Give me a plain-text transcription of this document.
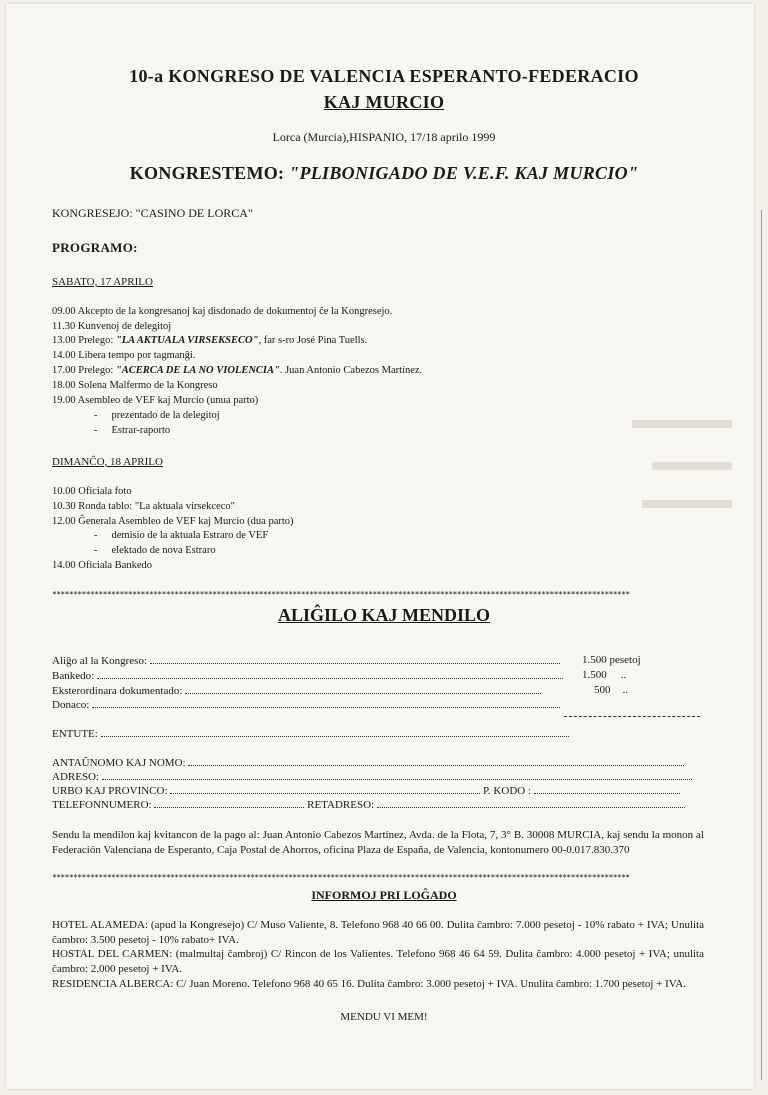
10-a KONGRESO DE VALENCIA ESPERANTO-FEDERACIO
KAJ MURCIO
Lorca (Murcia),HISPANIO, 17/18 aprilo 1999
KONGRESTEMO: "PLIBONIGADO DE V.E.F. KAJ MURCIO"
KONGRESEJO: "CASINO DE LORCA"
PROGRAMO:
SABATO, 17 APRILO
09.00 Akcepto de la kongresanoj kaj disdonado de dokumentoj ĉe la Kongresejo.
11.30 Kunvenoj de delegitoj
13.00 Prelego: "LA AKTUALA VIRSEKSECO", far s-ro José Pina Tuells.
14.00 Libera tempo por tagmanĝi.
17.00 Prelego: "ACERCA DE LA NO VIOLENCIA". Juan Antonio Cabezos Martínez.
18.00 Solena Malfermo de la Kongreso
19.00 Asembleo de VEF kaj Murcio (unua parto)
- prezentado de la delegitoj
- Estrar-raporto
DIMANĈO, 18 APRILO
10.00 Oficiala foto
10.30 Ronda tablo: "La aktuala virsekceco"
12.00 Ĝenerala Asembleo de VEF kaj Murcio (dua parto)
- demisio de la aktuala Estraro de VEF
- elektado de nova Estraro
14.00 Oficiala Bankedo
*****************************************************************************************************************************************
ALIĜILO KAJ MENDILO
Aliĝo al la Kongreso:	1.500 pesetoj
Bankedo:	1.500 ..
Eksterordinara dokumentado:	500 ..
Donaco:
ENTUTE:
ANTAŬNOMO KAJ NOMO:
ADRESO:
URBO KAJ PROVINCO:	P. KODO :
TELEFONNUMERO:	RETADRESO:
Sendu la mendilon kaj kvitancon de la pago al: Juan Antonio Cabezos Martínez, Avda. de la Flota, 7, 3° B. 30008 MURCIA, kaj sendu la monon al Federación Valenciana de Esperanto, Caja Postal de Ahorros, oficina Plaza de España, de Valencia, kontonumero 00-0.017.830.370
*****************************************************************************************************************************************
INFORMOJ PRI LOĜADO
HOTEL ALAMEDA: (apud la Kongresejo) C/ Muso Valiente, 8. Telefono 968 40 66 00. Dulita ĉambro: 7.000 pesetoj - 10% rabato + IVA; Unulita ĉambro: 3.500 pesetoj - 10% rabato+ IVA.
HOSTAL DEL CARMEN: (malmultaj ĉambroj) C/ Rincon de los Valientes. Telefono 968 46 64 59. Dulita ĉambro: 4.000 pesetoj + IVA; unulita ĉambro: 2.000 pesetoj + IVA.
RESIDENCIA ALBERCA: C/ Juan Moreno. Telefono 968 40 65 16. Dulita ĉambro: 3.000 pesetoj + IVA. Unulita ĉambro: 1.700 pesetoj + IVA.
MENDU VI MEM!
